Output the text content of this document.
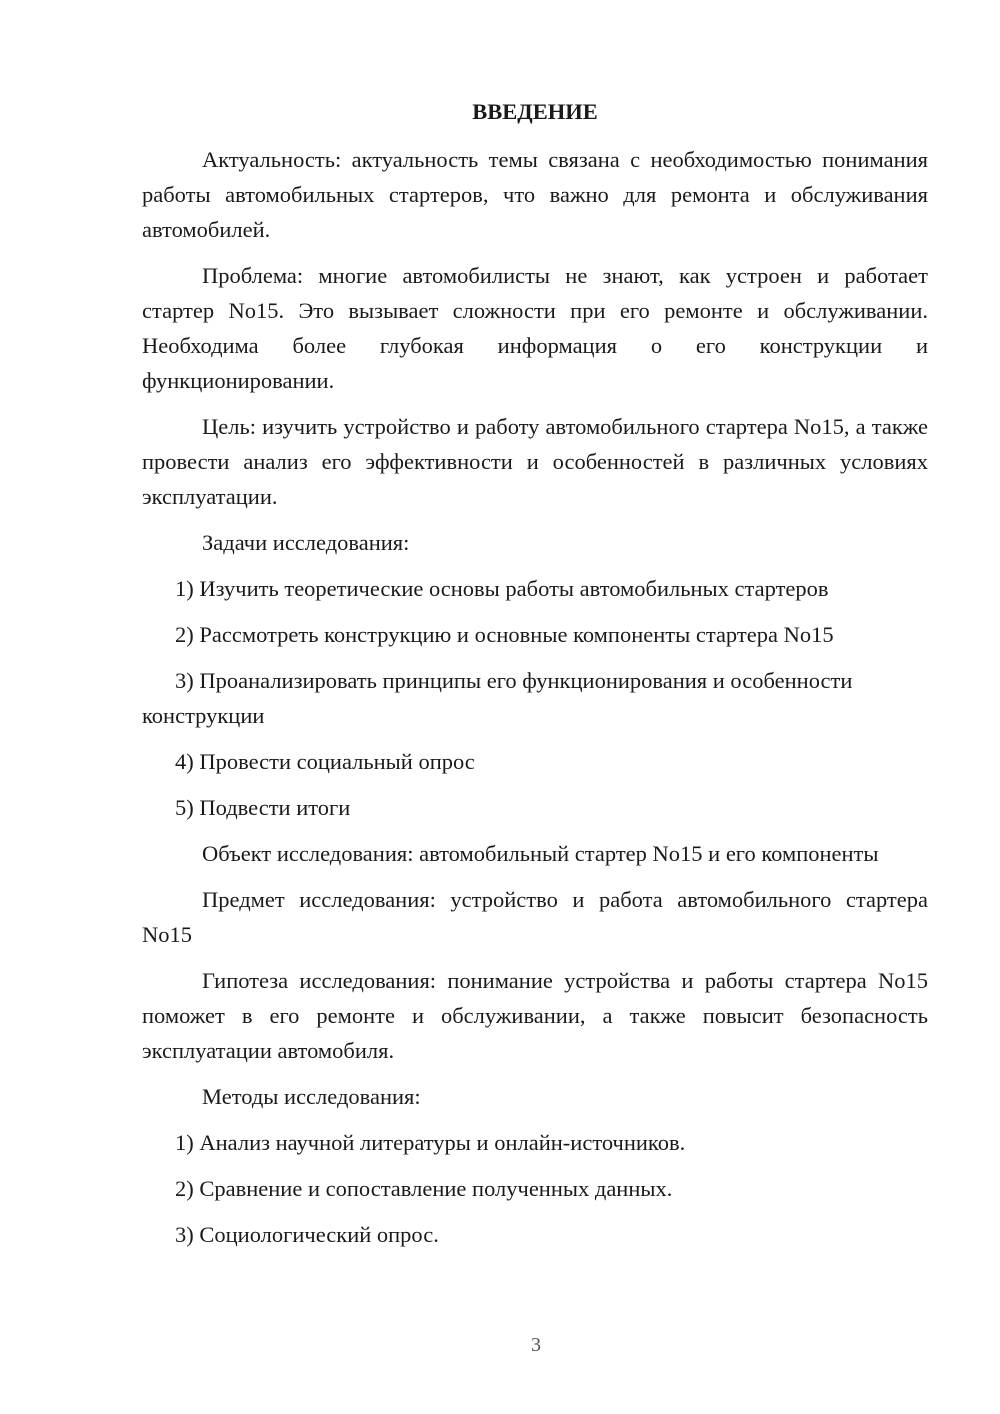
ВВЕДЕНИЕ

Актуальность: актуальность темы связана с необходимостью понимания работы автомобильных стартеров, что важно для ремонта и обслуживания автомобилей.

Проблема: многие автомобилисты не знают, как устроен и работает стартер No15. Это вызывает сложности при его ремонте и обслуживании. Необходима более глубокая информация о его конструкции и функционировании.

Цель: изучить устройство и работу автомобильного стартера No15, а также провести анализ его эффективности и особенностей в различных условиях эксплуатации.

Задачи исследования:

1) Изучить теоретические основы работы автомобильных стартеров

2) Рассмотреть конструкцию и основные компоненты стартера No15

3) Проанализировать принципы его функционирования и особенности конструкции

4) Провести социальный опрос

5) Подвести итоги

Объект исследования: автомобильный стартер No15 и его компоненты

Предмет исследования: устройство и работа автомобильного стартера No15

Гипотеза исследования: понимание устройства и работы стартера No15 поможет в его ремонте и обслуживании, а также повысит безопасность эксплуатации автомобиля.

Методы исследования:

1) Анализ научной литературы и онлайн-источников.

2) Сравнение и сопоставление полученных данных.

3) Социологический опрос.

3
